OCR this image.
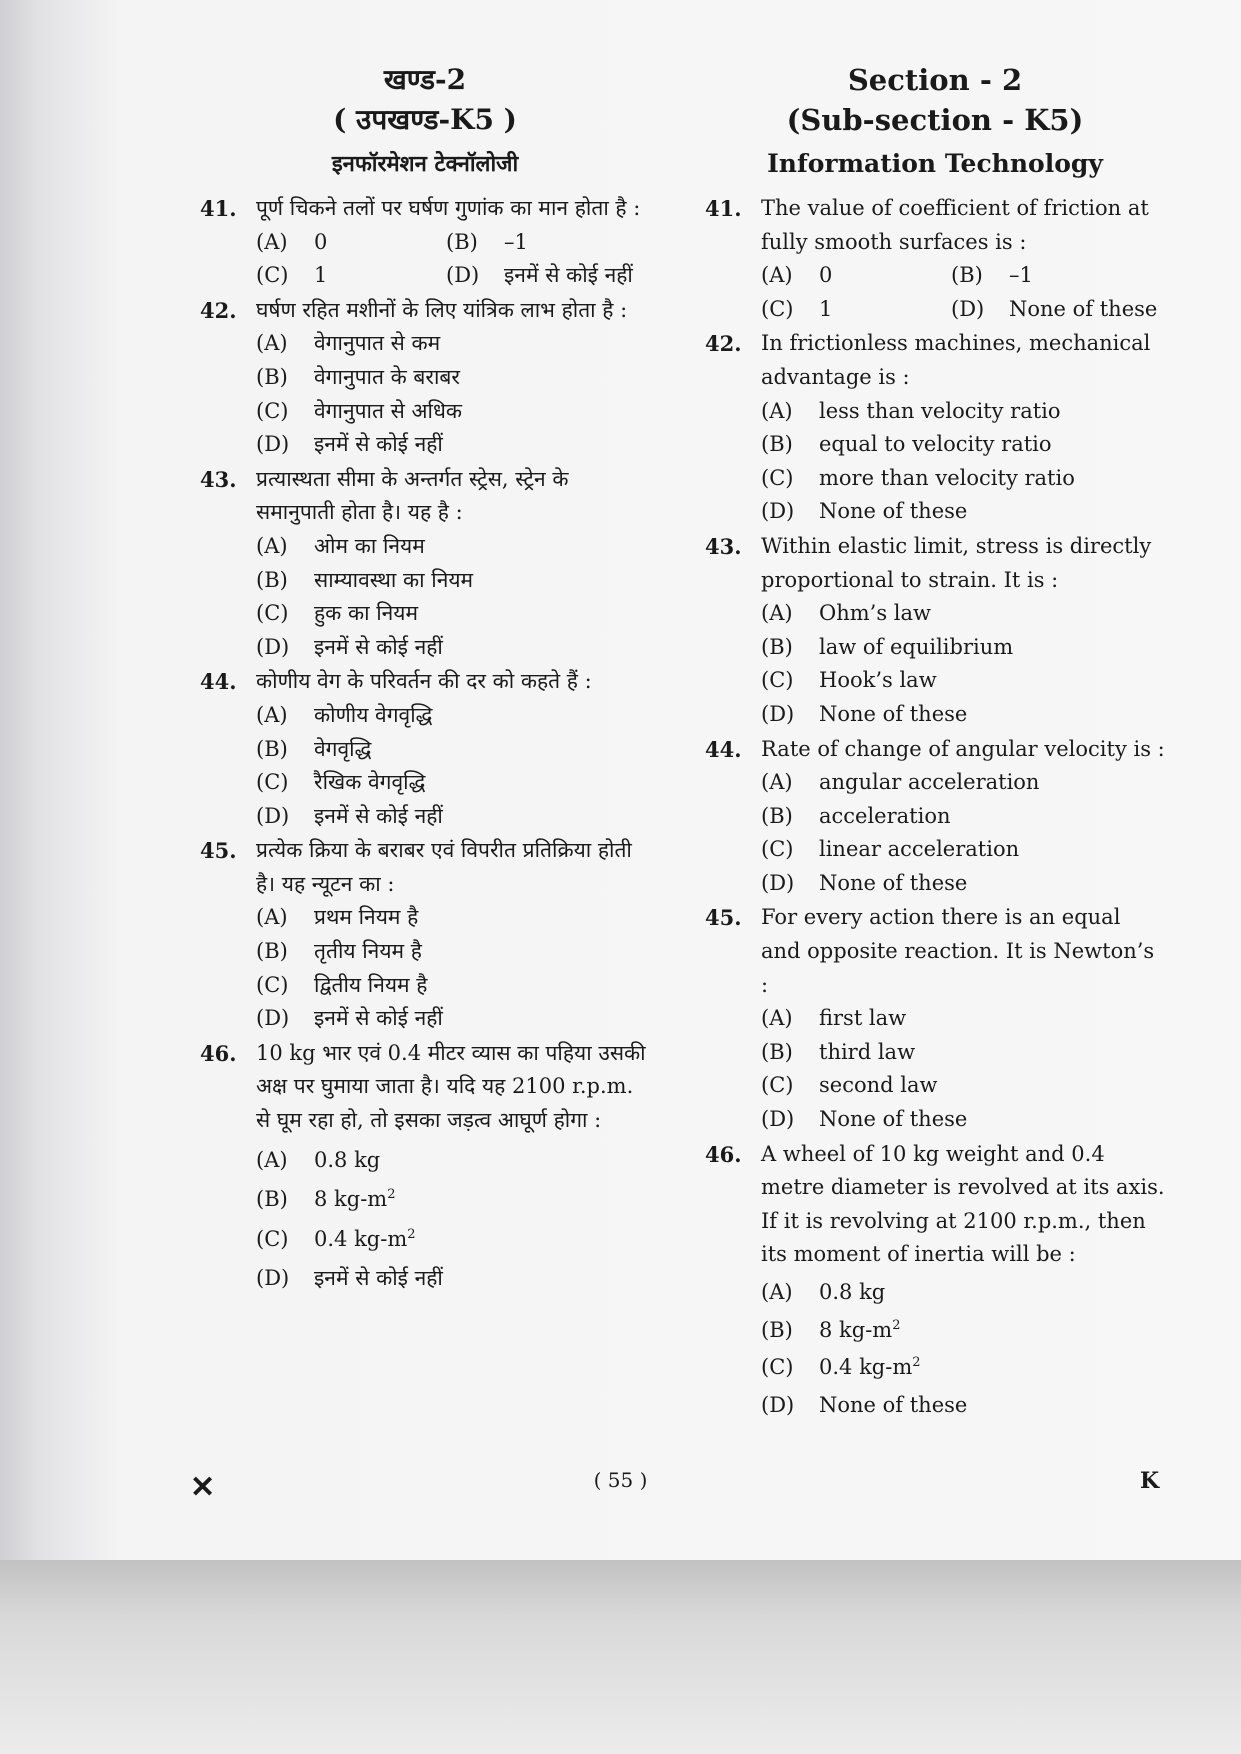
खण्ड-2
( उपखण्ड-K5 )
इनफॉरमेशन टेक्नॉलोजी
41. पूर्ण चिकने तलों पर घर्षण गुणांक का मान होता है :
(A)	0	(B)	–1
(C)	1	(D)	इनमें से कोई नहीं
42. घर्षण रहित मशीनों के लिए यांत्रिक लाभ होता है :
(A)	वेगानुपात से कम
(B)	वेगानुपात के बराबर
(C)	वेगानुपात से अधिक
(D)	इनमें से कोई नहीं
43. प्रत्यास्थता सीमा के अन्तर्गत स्ट्रेस, स्ट्रेन के समानुपाती होता है। यह है :
(A)	ओम का नियम
(B)	साम्यावस्था का नियम
(C)	हुक का नियम
(D)	इनमें से कोई नहीं
44. कोणीय वेग के परिवर्तन की दर को कहते हैं :
(A)	कोणीय वेगवृद्धि
(B)	वेगवृद्धि
(C)	रैखिक वेगवृद्धि
(D)	इनमें से कोई नहीं
45. प्रत्येक क्रिया के बराबर एवं विपरीत प्रतिक्रिया होती है। यह न्यूटन का :
(A)	प्रथम नियम है
(B)	तृतीय नियम है
(C)	द्वितीय नियम है
(D)	इनमें से कोई नहीं
46. 10 kg भार एवं 0.4 मीटर व्यास का पहिया उसकी अक्ष पर घुमाया जाता है। यदि यह 2100 r.p.m. से घूम रहा हो, तो इसका जड़त्व आघूर्ण होगा :
(A)	0.8 kg
(B)	8 $kg-m^2$
(C)	0.4 $kg-m^2$
(D)	इनमें से कोई नहीं
Section - 2
(Sub-section - K5)
Information Technology
41. The value of coefficient of friction at fully smooth surfaces is :
(A)	0	(B)	–1
(C)	1	(D)	None of these
42. In frictionless machines, mechanical advantage is :
(A)	less than velocity ratio
(B)	equal to velocity ratio
(C)	more than velocity ratio
(D)	None of these
43. Within elastic limit, stress is directly proportional to strain. It is :
(A)	Ohm’s law
(B)	law of equilibrium
(C)	Hook’s law
(D)	None of these
44. Rate of change of angular velocity is :
(A)	angular acceleration
(B)	acceleration
(C)	linear acceleration
(D)	None of these
45. For every action there is an equal and opposite reaction. It is Newton’s :
(A)	first law
(B)	third law
(C)	second law
(D)	None of these
46. A wheel of 10 kg weight and 0.4 metre diameter is revolved at its axis. If it is revolving at 2100 r.p.m., then its moment of inertia will be :
(A)	0.8 kg
(B)	8 $kg-m^2$
(C)	0.4 $kg-m^2$
(D)	None of these
✕	( 55 )	K
